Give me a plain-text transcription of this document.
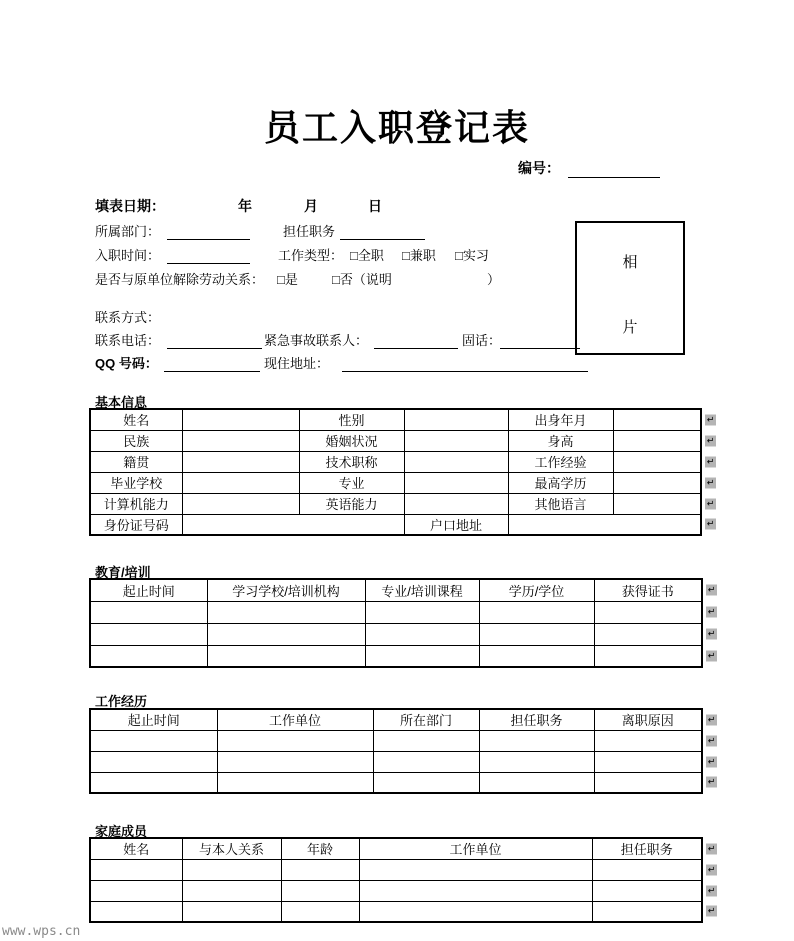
员工入职登记表
编号：
填表日期：	年	月	日
所属部门：	担任职务
入职时间：	工作类型： □全职 □兼职 □实习
是否与原单位解除劳动关系： □是	□否（说明	）
联系方式：
联系电话：	紧急事故联系人：	固话：
QQ 号码：	现住地址：
相
片
基本信息
姓名		性别		出身年月	↵

民族		婚姻状况		身高	↵

籍贯		技术职称		工作经验	↵

毕业学校		专业		最高学历	↵

计算机能力		英语能力		其他语言	↵

身份证号码			户口地址	↵	
教育/培训
起止时间	学习学校/培训机构	专业/培训课程	学历/学位	获得证书 ↵

				↵

				↵

				↵
工作经历
起止时间	工作单位	所在部门	担任职务	离职原因 ↵

				↵

				↵

				↵
家庭成员
姓名	与本人关系	年龄	工作单位	担任职务 ↵

				↵

				↵

				↵
www.wps.cn
